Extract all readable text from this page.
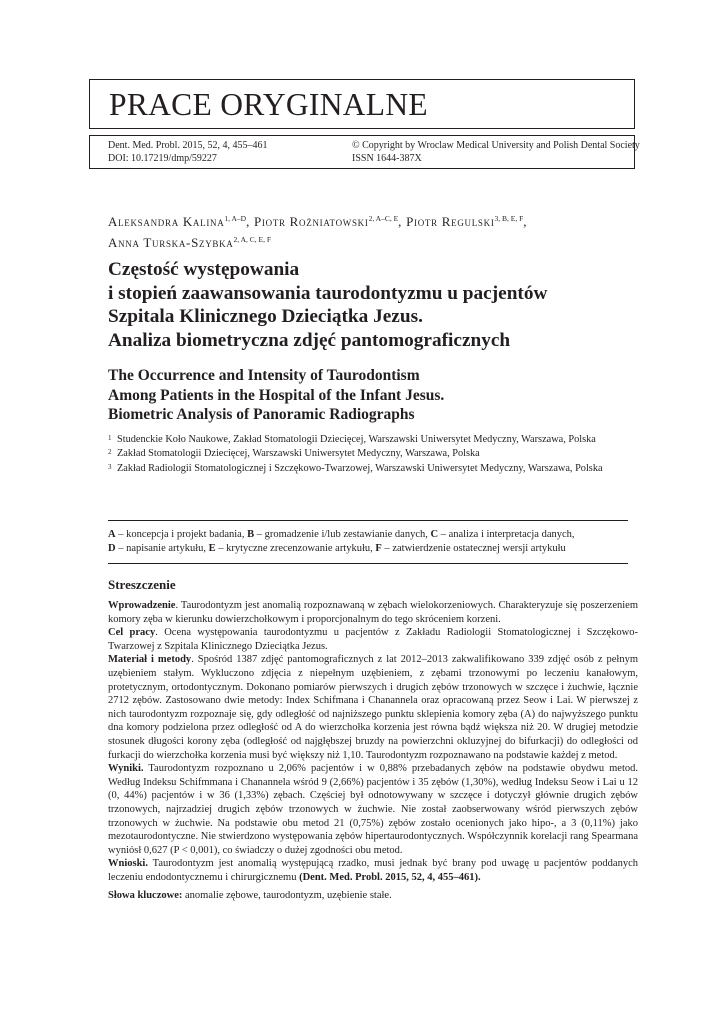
PRACE ORYGINALNE
Dent. Med. Probl. 2015, 52, 4, 455–461
DOI: 10.17219/dmp/59227
© Copyright by Wroclaw Medical University and Polish Dental Society
ISSN 1644-387X
Aleksandra Kalina$^{1, A-D}$, Piotr Rożniatowski$^{2, A-C, E}$, Piotr Regulski$^{3, B, E, F}$,
Anna Turska-Szybka$^{2, A, C, E, F}$
Częstość występowania
i stopień zaawansowania taurodontyzmu u pacjentów
Szpitala Klinicznego Dzieciątka Jezus.
Analiza biometryczna zdjęć pantomograficznych
The Occurrence and Intensity of Taurodontism
Among Patients in the Hospital of the Infant Jesus.
Biometric Analysis of Panoramic Radiographs
1 Studenckie Koło Naukowe, Zakład Stomatologii Dziecięcej, Warszawski Uniwersytet Medyczny, Warszawa, Polska
2 Zakład Stomatologii Dziecięcej, Warszawski Uniwersytet Medyczny, Warszawa, Polska
3 Zakład Radiologii Stomatologicznej i Szczękowo-Twarzowej, Warszawski Uniwersytet Medyczny, Warszawa, Polska
A – koncepcja i projekt badania, B – gromadzenie i/lub zestawianie danych, C – analiza i interpretacja danych,
D – napisanie artykułu, E – krytyczne zrecenzowanie artykułu, F – zatwierdzenie ostatecznej wersji artykułu
Streszczenie

Wprowadzenie. Taurodontyzm jest anomalią rozpoznawaną w zębach wielokorzeniowych. Charakteryzuje się poszerzeniem komory zęba w kierunku dowierzchołkowym i proporcjonalnym do tego skróceniem korzeni.

Cel pracy. Ocena występowania taurodontyzmu u pacjentów z Zakładu Radiologii Stomatologicznej i Szczękowo-Twarzowej z Szpitala Klinicznego Dzieciątka Jezus.

Materiał i metody. Spośród 1387 zdjęć pantomograficznych z lat 2012–2013 zakwalifikowano 339 zdjęć osób z pełnym uzębieniem stałym. Wykluczono zdjęcia z niepełnym uzębieniem, z zębami trzonowymi po leczeniu kanałowym, protetycznym, ortodontycznym. Dokonano pomiarów pierwszych i drugich zębów trzonowych w szczęce i żuchwie, łącznie 2712 zębów. Zastosowano dwie metody: Index Schifmana i Chanannela oraz opracowaną przez Seow i Lai. W pierwszej z nich taurodontyzm rozpoznaje się, gdy odległość od najniższego punktu sklepienia komory zęba (A) do najwyższego punktu dna komory podzielona przez odległość od A do wierzchołka korzenia jest równa bądź większa niż 20. W drugiej metodzie stosunek długości korony zęba (odległość od najgłębszej bruzdy na powierzchni okluzyjnej do bifurkacji) do odległości od furkacji do wierzchołka korzenia musi być większy niż 1,10. Taurodontyzm rozpoznawano na podstawie każdej z metod.

Wyniki. Taurodontyzm rozpoznano u 2,06% pacjentów i w 0,88% przebadanych zębów na podstawie obydwu metod. Według Indeksu Schifmmana i Chanannela wśród 9 (2,66%) pacjentów i 35 zębów (1,30%), według Indeksu Seow i Lai u 12 (0, 44%) pacjentów i w 36 (1,33%) zębach. Częściej był odnotowywany w szczęce i dotyczył głównie drugich zębów trzonowych, najrzadziej drugich zębów trzonowych w żuchwie. Nie został zaobserwowany wśród pierwszych zębów trzonowych w żuchwie. Na podstawie obu metod 21 (0,75%) zębów zostało ocenionych jako hipo-, a 3 (0,11%) jako mezotaurodontyczne. Nie stwierdzono występowania zębów hipertaurodontycznych. Współczynnik korelacji rang Spearmana wyniósł 0,627 (P < 0,001), co świadczy o dużej zgodności obu metod.

Wnioski. Taurodontyzm jest anomalią występującą rzadko, musi jednak być brany pod uwagę u pacjentów poddanych leczeniu endodontycznemu i chirurgicznemu (Dent. Med. Probl. 2015, 52, 4, 455–461).

Słowa kluczowe: anomalie zębowe, taurodontyzm, uzębienie stałe.
